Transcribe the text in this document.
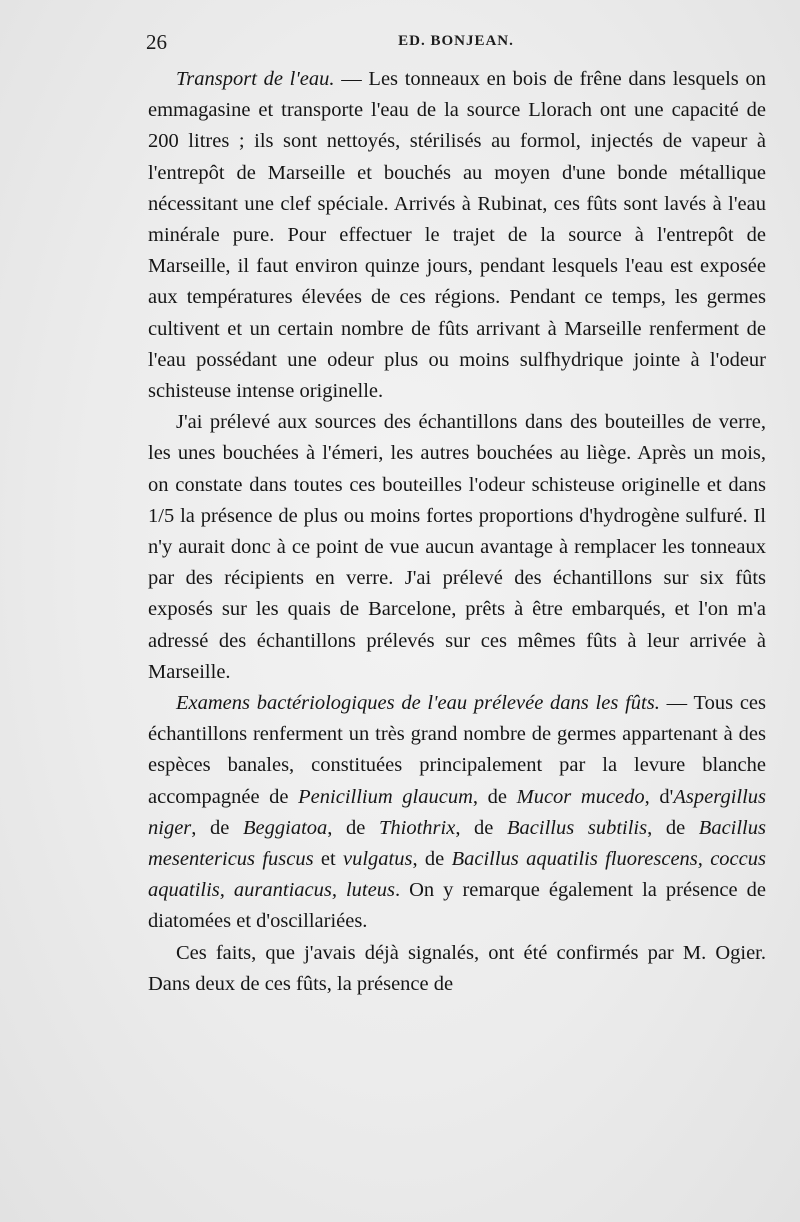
26	ED. BONJEAN.

Transport de l'eau. — Les tonneaux en bois de frêne dans lesquels on emmagasine et transporte l'eau de la source Llorach ont une capacité de 200 litres ; ils sont nettoyés, stérilisés au formol, injectés de vapeur à l'entrepôt de Marseille et bouchés au moyen d'une bonde métallique nécessitant une clef spéciale. Arrivés à Rubinat, ces fûts sont lavés à l'eau minérale pure. Pour effectuer le trajet de la source à l'entrepôt de Marseille, il faut environ quinze jours, pendant lesquels l'eau est exposée aux températures élevées de ces régions. Pendant ce temps, les germes cultivent et un certain nombre de fûts arrivant à Marseille renferment de l'eau possédant une odeur plus ou moins sulfhydrique jointe à l'odeur schisteuse intense originelle.

J'ai prélevé aux sources des échantillons dans des bouteilles de verre, les unes bouchées à l'émeri, les autres bouchées au liège. Après un mois, on constate dans toutes ces bouteilles l'odeur schisteuse originelle et dans 1/5 la présence de plus ou moins fortes proportions d'hydrogène sulfuré. Il n'y aurait donc à ce point de vue aucun avantage à remplacer les tonneaux par des récipients en verre. J'ai prélevé des échantillons sur six fûts exposés sur les quais de Barcelone, prêts à être embarqués, et l'on m'a adressé des échantillons prélevés sur ces mêmes fûts à leur arrivée à Marseille.

Examens bactériologiques de l'eau prélevée dans les fûts. — Tous ces échantillons renferment un très grand nombre de germes appartenant à des espèces banales, constituées principalement par la levure blanche accompagnée de Penicillium glaucum, de Mucor mucedo, d'Aspergillus niger, de Beggiatoa, de Thiothrix, de Bacillus subtilis, de Bacillus mesentericus fuscus et vulgatus, de Bacillus aquatilis fluorescens, coccus aquatilis, aurantiacus, luteus. On y remarque également la présence de diatomées et d'oscillariées.

Ces faits, que j'avais déjà signalés, ont été confirmés par M. Ogier. Dans deux de ces fûts, la présence de
